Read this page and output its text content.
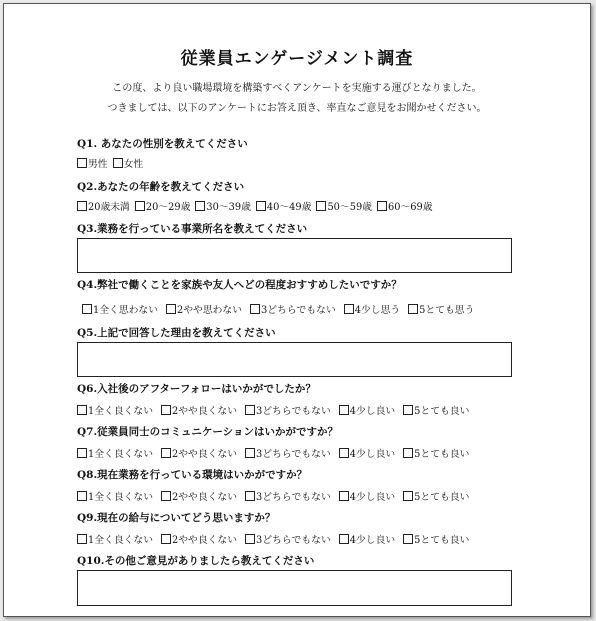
従業員エンゲージメント調査
この度、より良い職場環境を構築すべくアンケートを実施する運びとなりました。
つきましては、以下のアンケートにお答え頂き、率直なご意見をお聞かせください。
Q1. あなたの性別を教えてください
男性 女性
Q2.あなたの年齢を教えてください
20歳未満 20～29歳 30～39歳 40～49歳 50～59歳 60～69歳
Q3.業務を行っている事業所名を教えてください
Q4.弊社で働くことを家族や友人へどの程度おすすめしたいですか？
1全く思わない 2やや思わない 3どちらでもない 4少し思う 5とても思う
Q5.上記で回答した理由を教えてください
Q6.入社後のアフターフォローはいかがでしたか？
1全く良くない 2やや良くない 3どちらでもない 4少し良い 5とても良い
Q7.従業員同士のコミュニケーションはいかがですか？
1全く良くない 2やや良くない 3どちらでもない 4少し良い 5とても良い
Q8.現在業務を行っている環境はいかがですか？
1全く良くない 2やや良くない 3どちらでもない 4少し良い 5とても良い
Q9.現在の給与についてどう思いますか？
1全く良くない 2やや良くない 3どちらでもない 4少し良い 5とても良い
Q10.その他ご意見がありましたら教えてください
